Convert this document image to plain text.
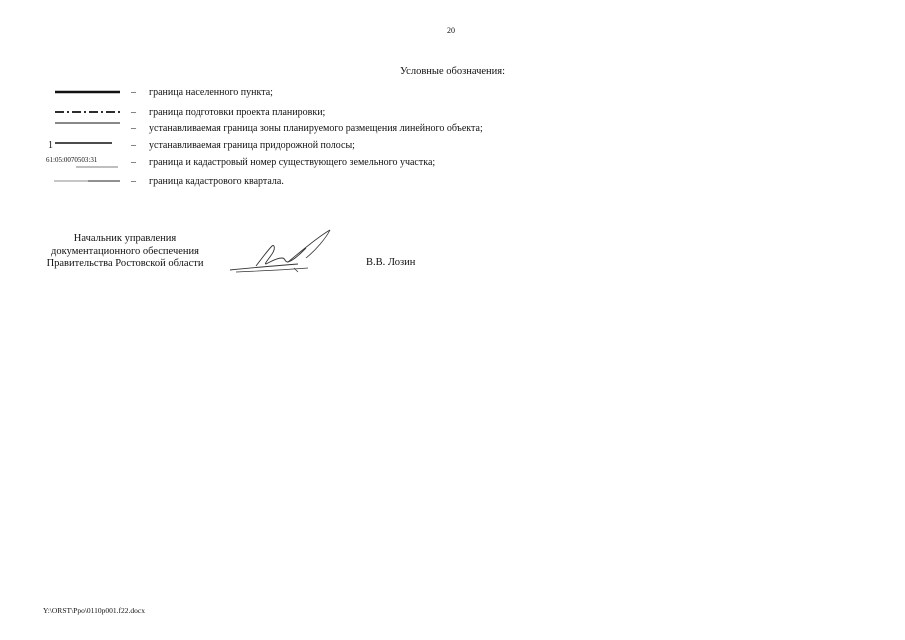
20
Условные обозначения:
– граница населенного пункта;
– граница подготовки проекта планировки;
– устанавливаемая граница зоны планируемого размещения линейного объекта;
1	– устанавливаемая граница придорожной полосы;
61:05:0070503:31	– граница и кадастровый номер существующего земельного участка;
– граница кадастрового квартала.
Начальник управления
документационного обеспечения
Правительства Ростовской области	В.В. Лозин
Y:\ORST\Ppo\0110p001.f22.docx
